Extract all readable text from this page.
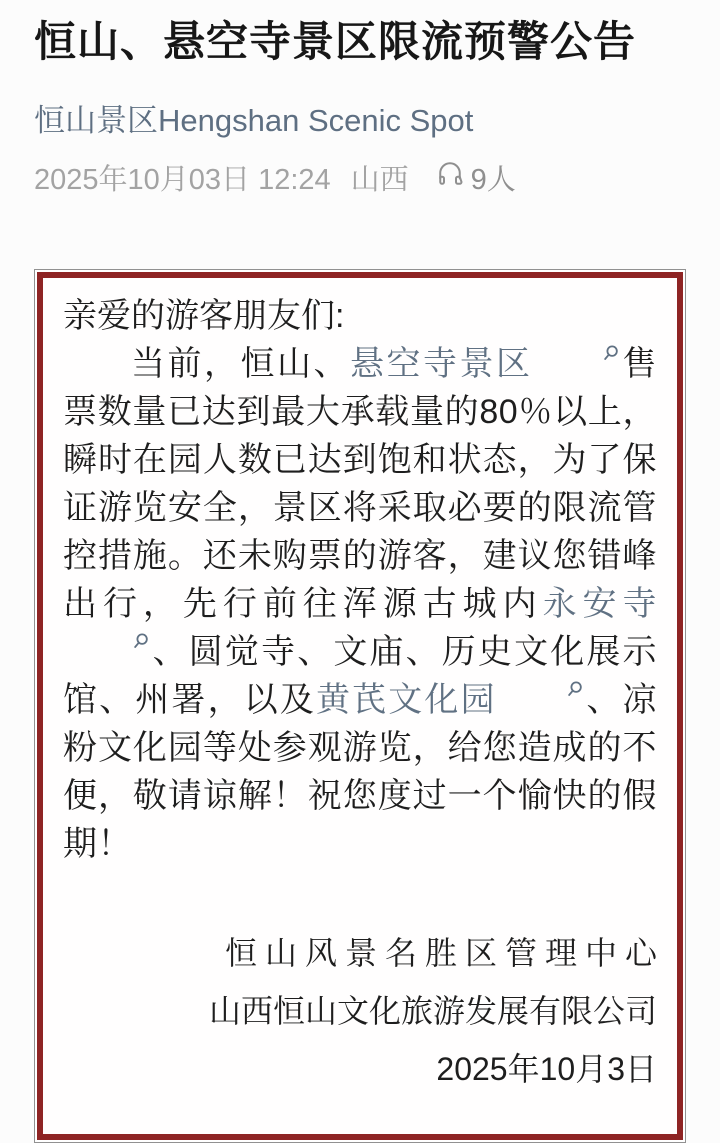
恒山、悬空寺景区限流预警公告
恒山景区Hengshan Scenic Spot
2025年10月03日 12:24 山西 9人
亲爱的游客朋友们:

当前，恒山、悬空寺景区	售票数量已达到最大承载量的80％以上，瞬时在园人数已达到饱和状态，为了保证游览安全，景区将采取必要的限流管控措施。还未购票的游客，建议您错峰出行，先行前往浑源古城内永安寺、圆觉寺、文庙、历史文化展示馆、州署，以及黄芪文化园	、凉粉文化园等处参观游览，给您造成的不便，敬请谅解！祝您度过一个愉快的假期！

恒山风景名胜区管理中心
山西恒山文化旅游发展有限公司
2025年10月3日
